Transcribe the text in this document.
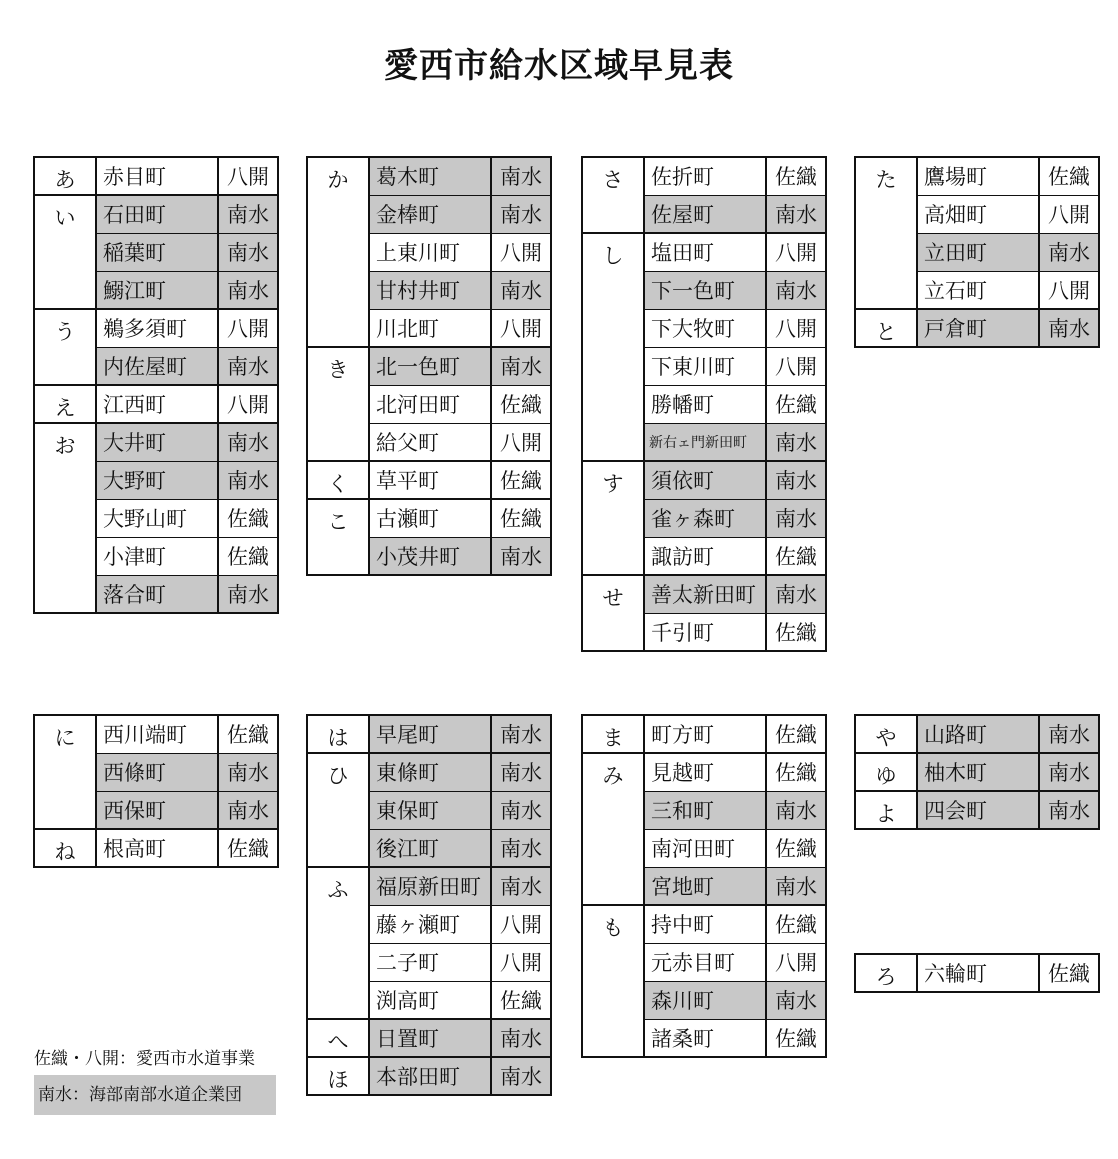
愛西市給水区域早見表
あ	赤目町	八開
い	石田町	南水
	稲葉町	南水
	鰯江町	南水
う	鵜多須町	八開
	内佐屋町	南水
え	江西町	八開
お	大井町	南水
	大野町	南水
	大野山町	佐織
	小津町	佐織
	落合町	南水
か	葛木町	南水
	金棒町	南水
	上東川町	八開
	甘村井町	南水
	川北町	八開
き	北一色町	南水
	北河田町	佐織
	給父町	八開
く	草平町	佐織
こ	古瀬町	佐織
	小茂井町	南水
さ	佐折町	佐織
	佐屋町	南水
し	塩田町	八開
	下一色町	南水
	下大牧町	八開
	下東川町	八開
	勝幡町	佐織
	新右ェ門新田町	南水
す	須依町	南水
	雀ヶ森町	南水
	諏訪町	佐織
せ	善太新田町	南水
	千引町	佐織
た	鷹場町	佐織
	高畑町	八開
	立田町	南水
	立石町	八開
と	戸倉町	南水
に	西川端町	佐織
	西條町	南水
	西保町	南水
ね	根高町	佐織
は	早尾町	南水
ひ	東條町	南水
	東保町	南水
	後江町	南水
ふ	福原新田町	南水
	藤ヶ瀬町	八開
	二子町	八開
	渕高町	佐織
へ	日置町	南水
ほ	本部田町	南水
ま	町方町	佐織
み	見越町	佐織
	三和町	南水
	南河田町	佐織
	宮地町	南水
も	持中町	佐織
	元赤目町	八開
	森川町	南水
	諸桑町	佐織
や	山路町	南水
ゆ	柚木町	南水
よ	四会町	南水
ろ	六輪町	佐織
佐織・八開：愛西市水道事業
南水：海部南部水道企業団
